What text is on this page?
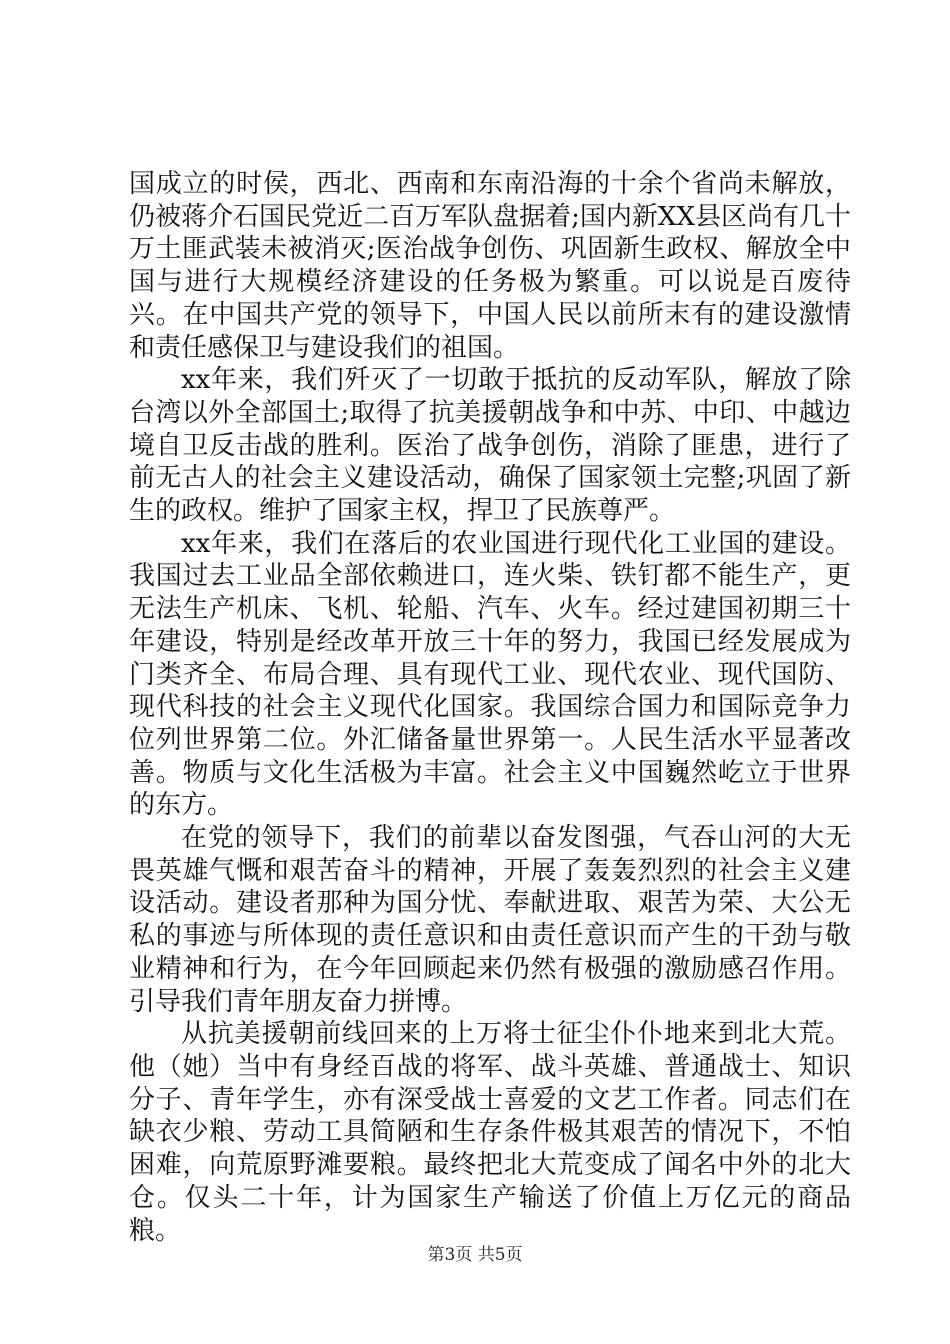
国成立的时侯，西北、西南和东南沿海的十余个省尚未解放，仍被蒋介石国民党近二百万军队盘据着;国内新XX县区尚有几十万土匪武装未被消灭;医治战争创伤、巩固新生政权、解放全中国与进行大规模经济建设的任务极为繁重。可以说是百废待兴。在中国共产党的领导下，中国人民以前所末有的建设激情和责任感保卫与建设我们的祖国。

xx年来，我们歼灭了一切敢于抵抗的反动军队，解放了除台湾以外全部国土;取得了抗美援朝战争和中苏、中印、中越边境自卫反击战的胜利。医治了战争创伤，消除了匪患，进行了前无古人的社会主义建设活动，确保了国家领土完整;巩固了新生的政权。维护了国家主权，捍卫了民族尊严。

xx年来，我们在落后的农业国进行现代化工业国的建设。我国过去工业品全部依赖进口，连火柴、铁钉都不能生产，更无法生产机床、飞机、轮船、汽车、火车。经过建国初期三十年建设，特别是经改革开放三十年的努力，我国已经发展成为门类齐全、布局合理、具有现代工业、现代农业、现代国防、现代科技的社会主义现代化国家。我国综合国力和国际竞争力位列世界第二位。外汇储备量世界第一。人民生活水平显著改善。物质与文化生活极为丰富。社会主义中国巍然屹立于世界的东方。

在党的领导下，我们的前辈以奋发图强，气吞山河的大无畏英雄气慨和艰苦奋斗的精神，开展了轰轰烈烈的社会主义建设活动。建设者那种为国分忧、奉献进取、艰苦为荣、大公无私的事迹与所体现的责任意识和由责任意识而产生的干劲与敬业精神和行为，在今年回顾起来仍然有极强的激励感召作用。引导我们青年朋友奋力拼博。

从抗美援朝前线回来的上万将士征尘仆仆地来到北大荒。他（她）当中有身经百战的将军、战斗英雄、普通战士、知识分子、青年学生，亦有深受战士喜爱的文艺工作者。同志们在缺衣少粮、劳动工具简陋和生存条件极其艰苦的情况下，不怕困难，向荒原野滩要粮。最终把北大荒变成了闻名中外的北大仓。仅头二十年，计为国家生产输送了价值上万亿元的商品粮。

第3页 共5页
